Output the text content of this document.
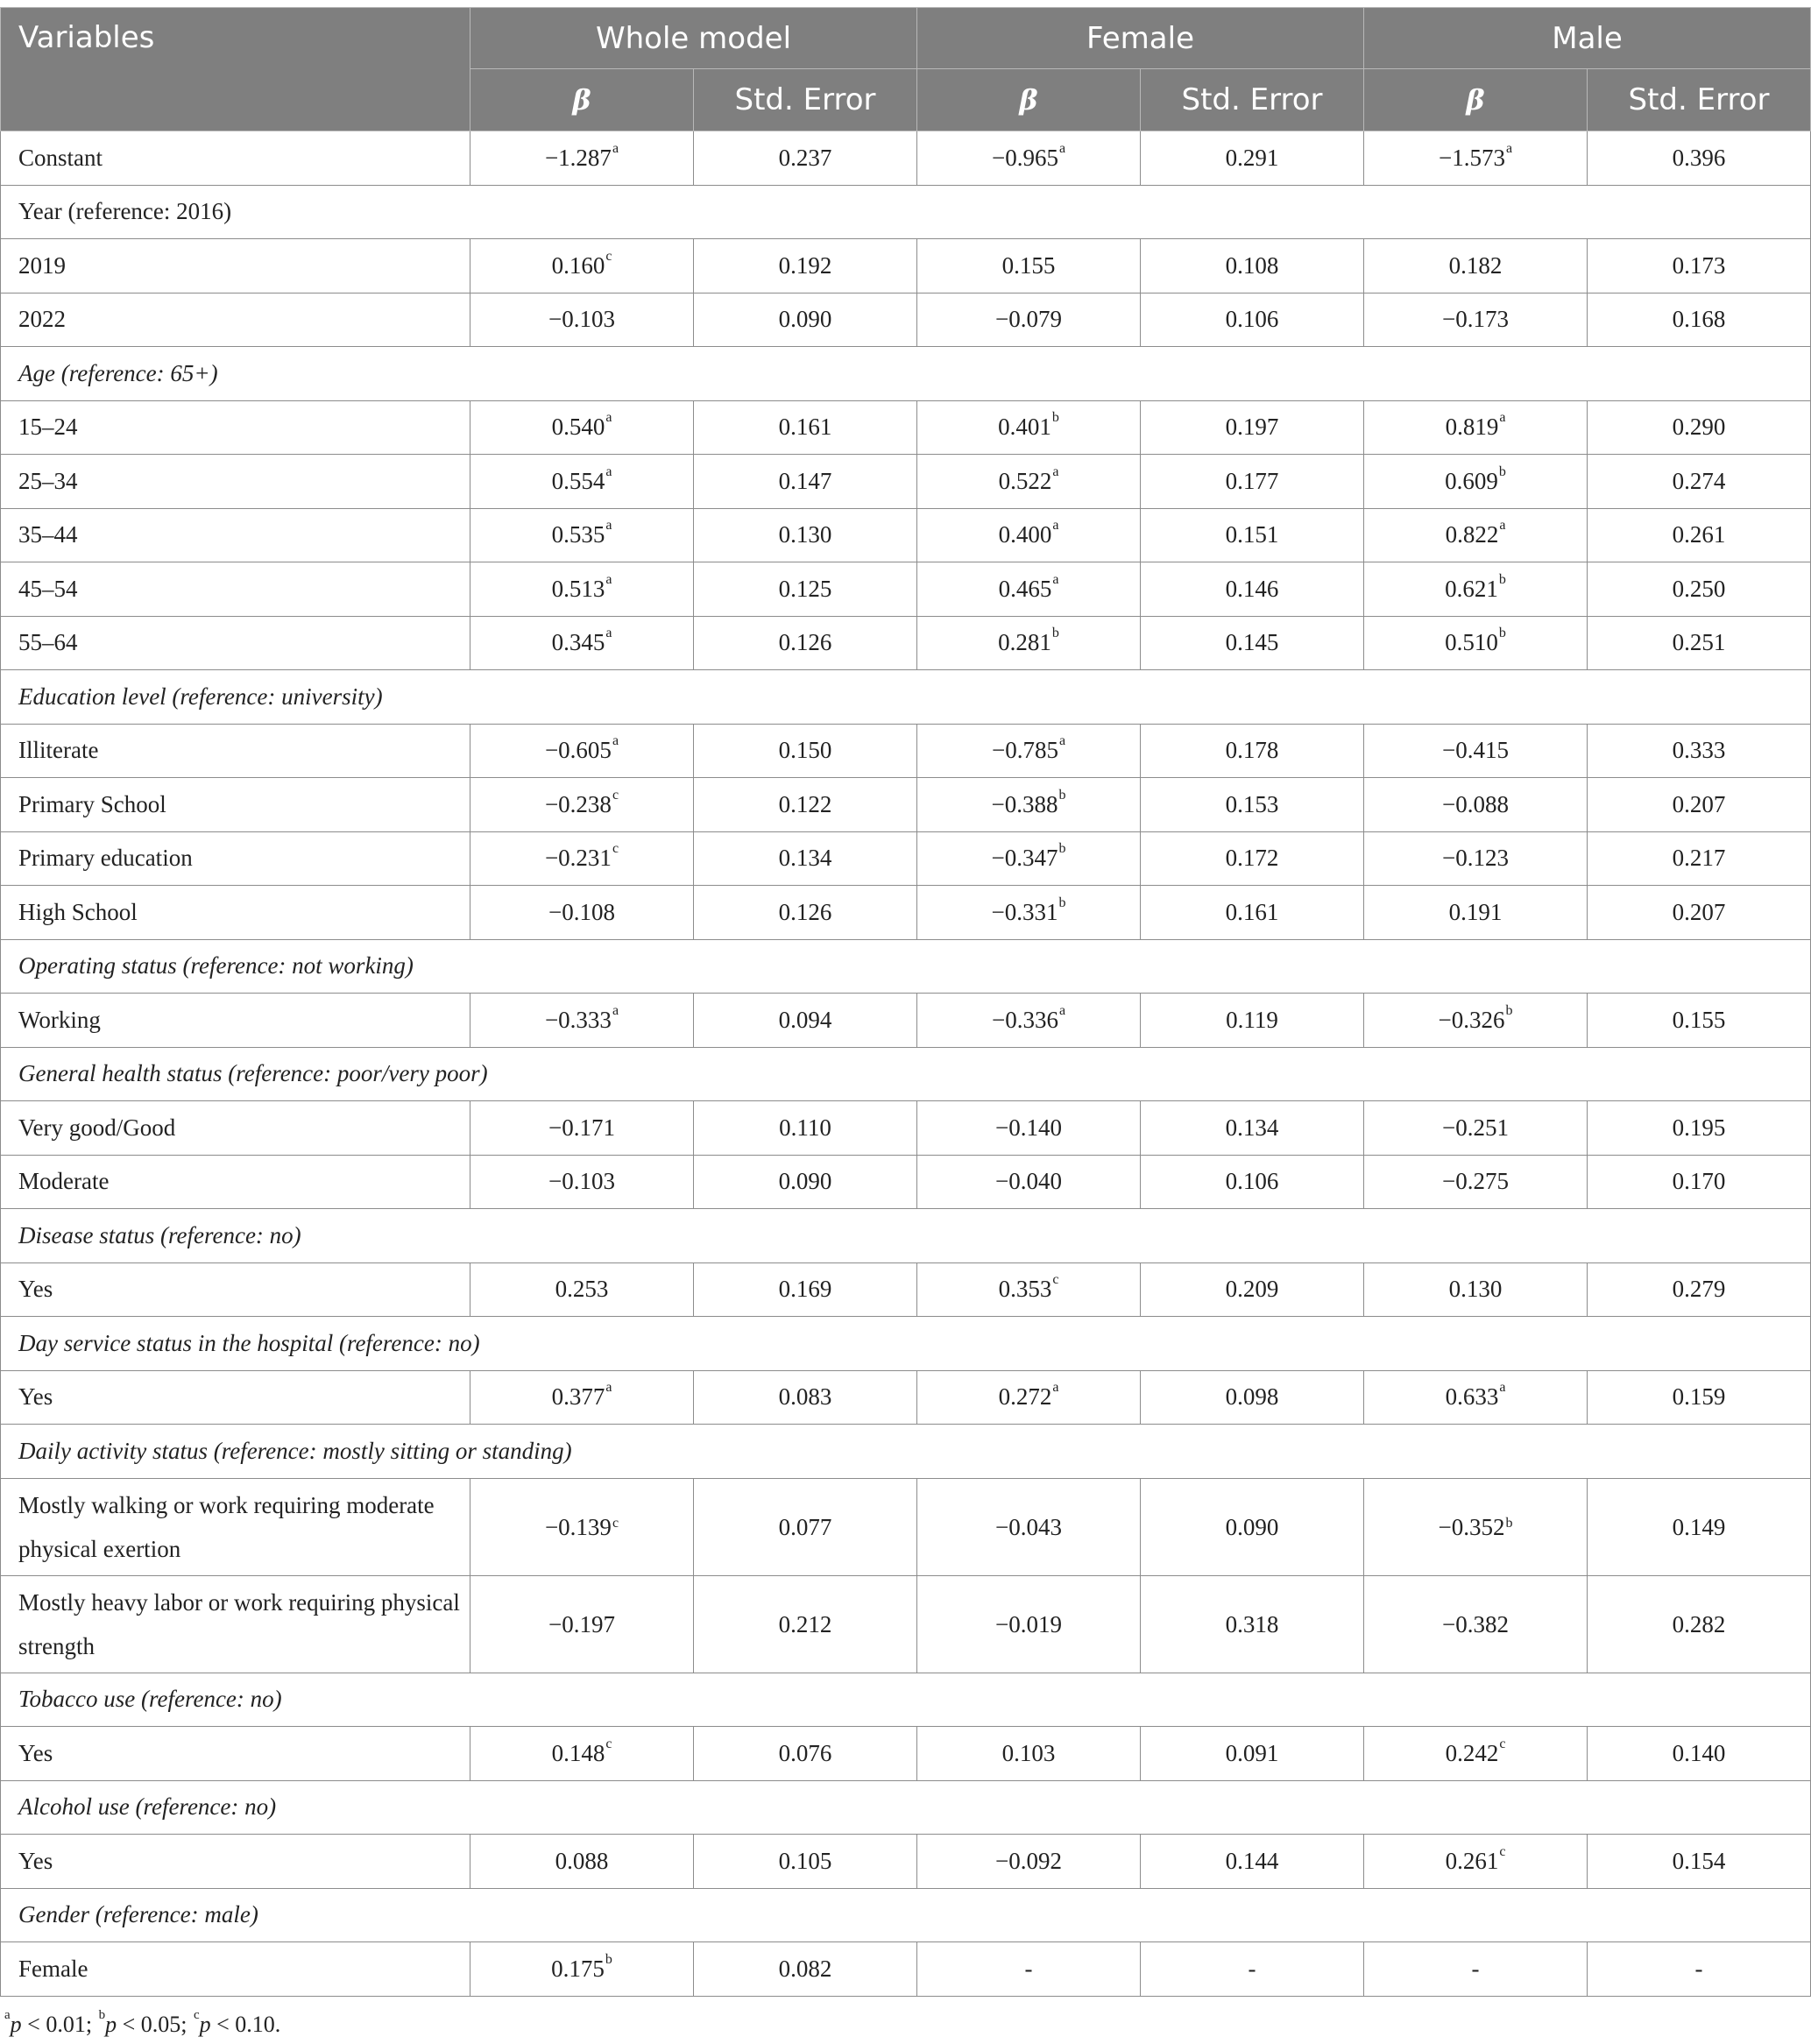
Variables	Whole model		Female		Male	
	β	Std. Error	β	Std. Error	β	Std. Error
Constant	−1.287$^a$	0.237	−0.965$^a$	0.291	−1.573$^a$	0.396
Year (reference: 2016)						
2019	0.160$^c$	0.192	0.155	0.108	0.182	0.173
2022	−0.103	0.090	−0.079	0.106	−0.173	0.168
Age (reference: 65+)						
15–24	0.540$^a$	0.161	0.401$^b$	0.197	0.819$^a$	0.290
25–34	0.554$^a$	0.147	0.522$^a$	0.177	0.609$^b$	0.274
35–44	0.535$^a$	0.130	0.400$^a$	0.151	0.822$^a$	0.261
45–54	0.513$^a$	0.125	0.465$^a$	0.146	0.621$^b$	0.250
55–64	0.345$^a$	0.126	0.281$^b$	0.145	0.510$^b$	0.251
Education level (reference: university)						
Illiterate	−0.605$^a$	0.150	−0.785$^a$	0.178	−0.415	0.333
Primary School	−0.238$^c$	0.122	−0.388$^b$	0.153	−0.088	0.207
Primary education	−0.231$^c$	0.134	−0.347$^b$	0.172	−0.123	0.217
High School	−0.108	0.126	−0.331$^b$	0.161	0.191	0.207
Operating status (reference: not working)						
Working	−0.333$^a$	0.094	−0.336$^a$	0.119	−0.326$^b$	0.155
General health status (reference: poor/very poor)						
Very good/Good	−0.171	0.110	−0.140	0.134	−0.251	0.195
Moderate	−0.103	0.090	−0.040	0.106	−0.275	0.170
Disease status (reference: no)						
Yes	0.253	0.169	0.353$^c$	0.209	0.130	0.279
Day service status in the hospital (reference: no)						
Yes	0.377$^a$	0.083	0.272$^a$	0.098	0.633$^a$	0.159
Daily activity status (reference: mostly sitting or standing)						
Mostly walking or work requiring moderate physical exertion	−0.139$^c$	0.077	−0.043	0.090	−0.352$^b$	0.149
Mostly heavy labor or work requiring physical strength	−0.197	0.212	−0.019	0.318	−0.382	0.282
Tobacco use (reference: no)						
Yes	0.148$^c$	0.076	0.103	0.091	0.242$^c$	0.140
Alcohol use (reference: no)						
Yes	0.088	0.105	−0.092	0.144	0.261$^c$	0.154
Gender (reference: male)						
Female	0.175$^b$	0.082	-	-	-	-
$^a$p < 0.01; $^b$p < 0.05; $^c$p < 0.10.
